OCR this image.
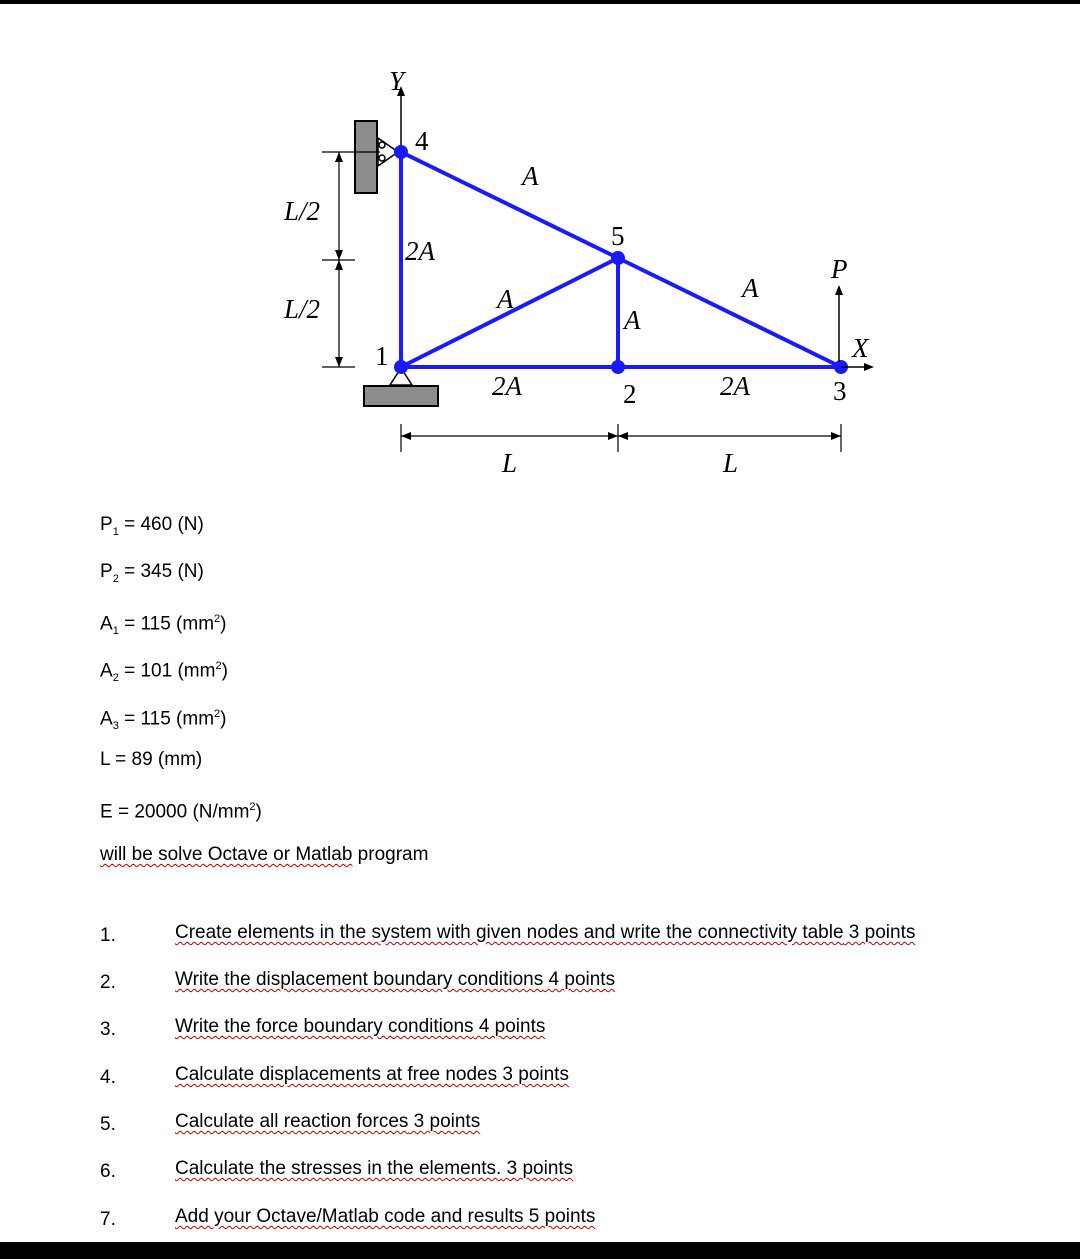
Y
X
P
4
5
1
2	3
A
2A
A
A
A
2A	2A
L/2
L/2
L	L
$P_1 = 460$ (N)
$P_2 = 345$ (N)
$A_1 = 115$ $(mm^2)$
$A_2 = 101$ $(mm^2)$
$A_3 = 115$ $(mm^2)$
L = 89 (mm)
E = 20000 $(N/mm^2)$
will be solve Octave or Matlab program
1.	Create elements in the system with given nodes and write the connectivity table 3 points
2.	Write the displacement boundary conditions 4 points
3.	Write the force boundary conditions 4 points
4.	Calculate displacements at free nodes 3 points
5.	Calculate all reaction forces 3 points
6.	Calculate the stresses in the elements. 3 points
7.	Add your Octave/Matlab code and results 5 points
